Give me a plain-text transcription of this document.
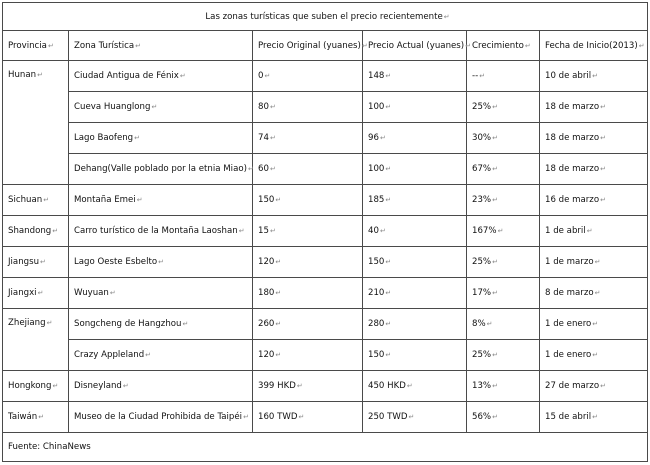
Las zonas turísticas que suben el precio recientemente↵					
Provincia↵	Zona Turística↵	Precio Original (yuanes)↵	Precio Actual (yuanes)↵	Crecimiento↵	Fecha de Inicio(2013)↵
Hunan↵	Ciudad Antigua de Fénix↵	0↵	148↵	--↵	10 de abril↵
	Cueva Huanglong↵	80↵	100↵	25%↵	18 de marzo↵
	Lago Baofeng↵	74↵	96↵	30%↵	18 de marzo↵
	Dehang(Valle poblado por la etnia Miao)↵	60↵	100↵	67%↵	18 de marzo↵
Sichuan↵	Montaña Emei↵	150↵	185↵	23%↵	16 de marzo↵
Shandong↵	Carro turístico de la Montaña Laoshan↵	15↵	40↵	167%↵	1 de abril↵
Jiangsu↵	Lago Oeste Esbelto↵	120↵	150↵	25%↵	1 de marzo↵
Jiangxi↵	Wuyuan↵	180↵	210↵	17%↵	8 de marzo↵
Zhejiang↵	Songcheng de Hangzhou↵	260↵	280↵	8%↵	1 de enero↵
	Crazy Appleland↵	120↵	150↵	25%↵	1 de enero↵
Hongkong↵	Disneyland↵	399 HKD↵	450 HKD↵	13%↵	27 de marzo↵
Taiwán↵	Museo de la Ciudad Prohibida de Taipéi↵	160 TWD↵	250 TWD↵	56%↵	15 de abril↵
Fuente: ChinaNews					
